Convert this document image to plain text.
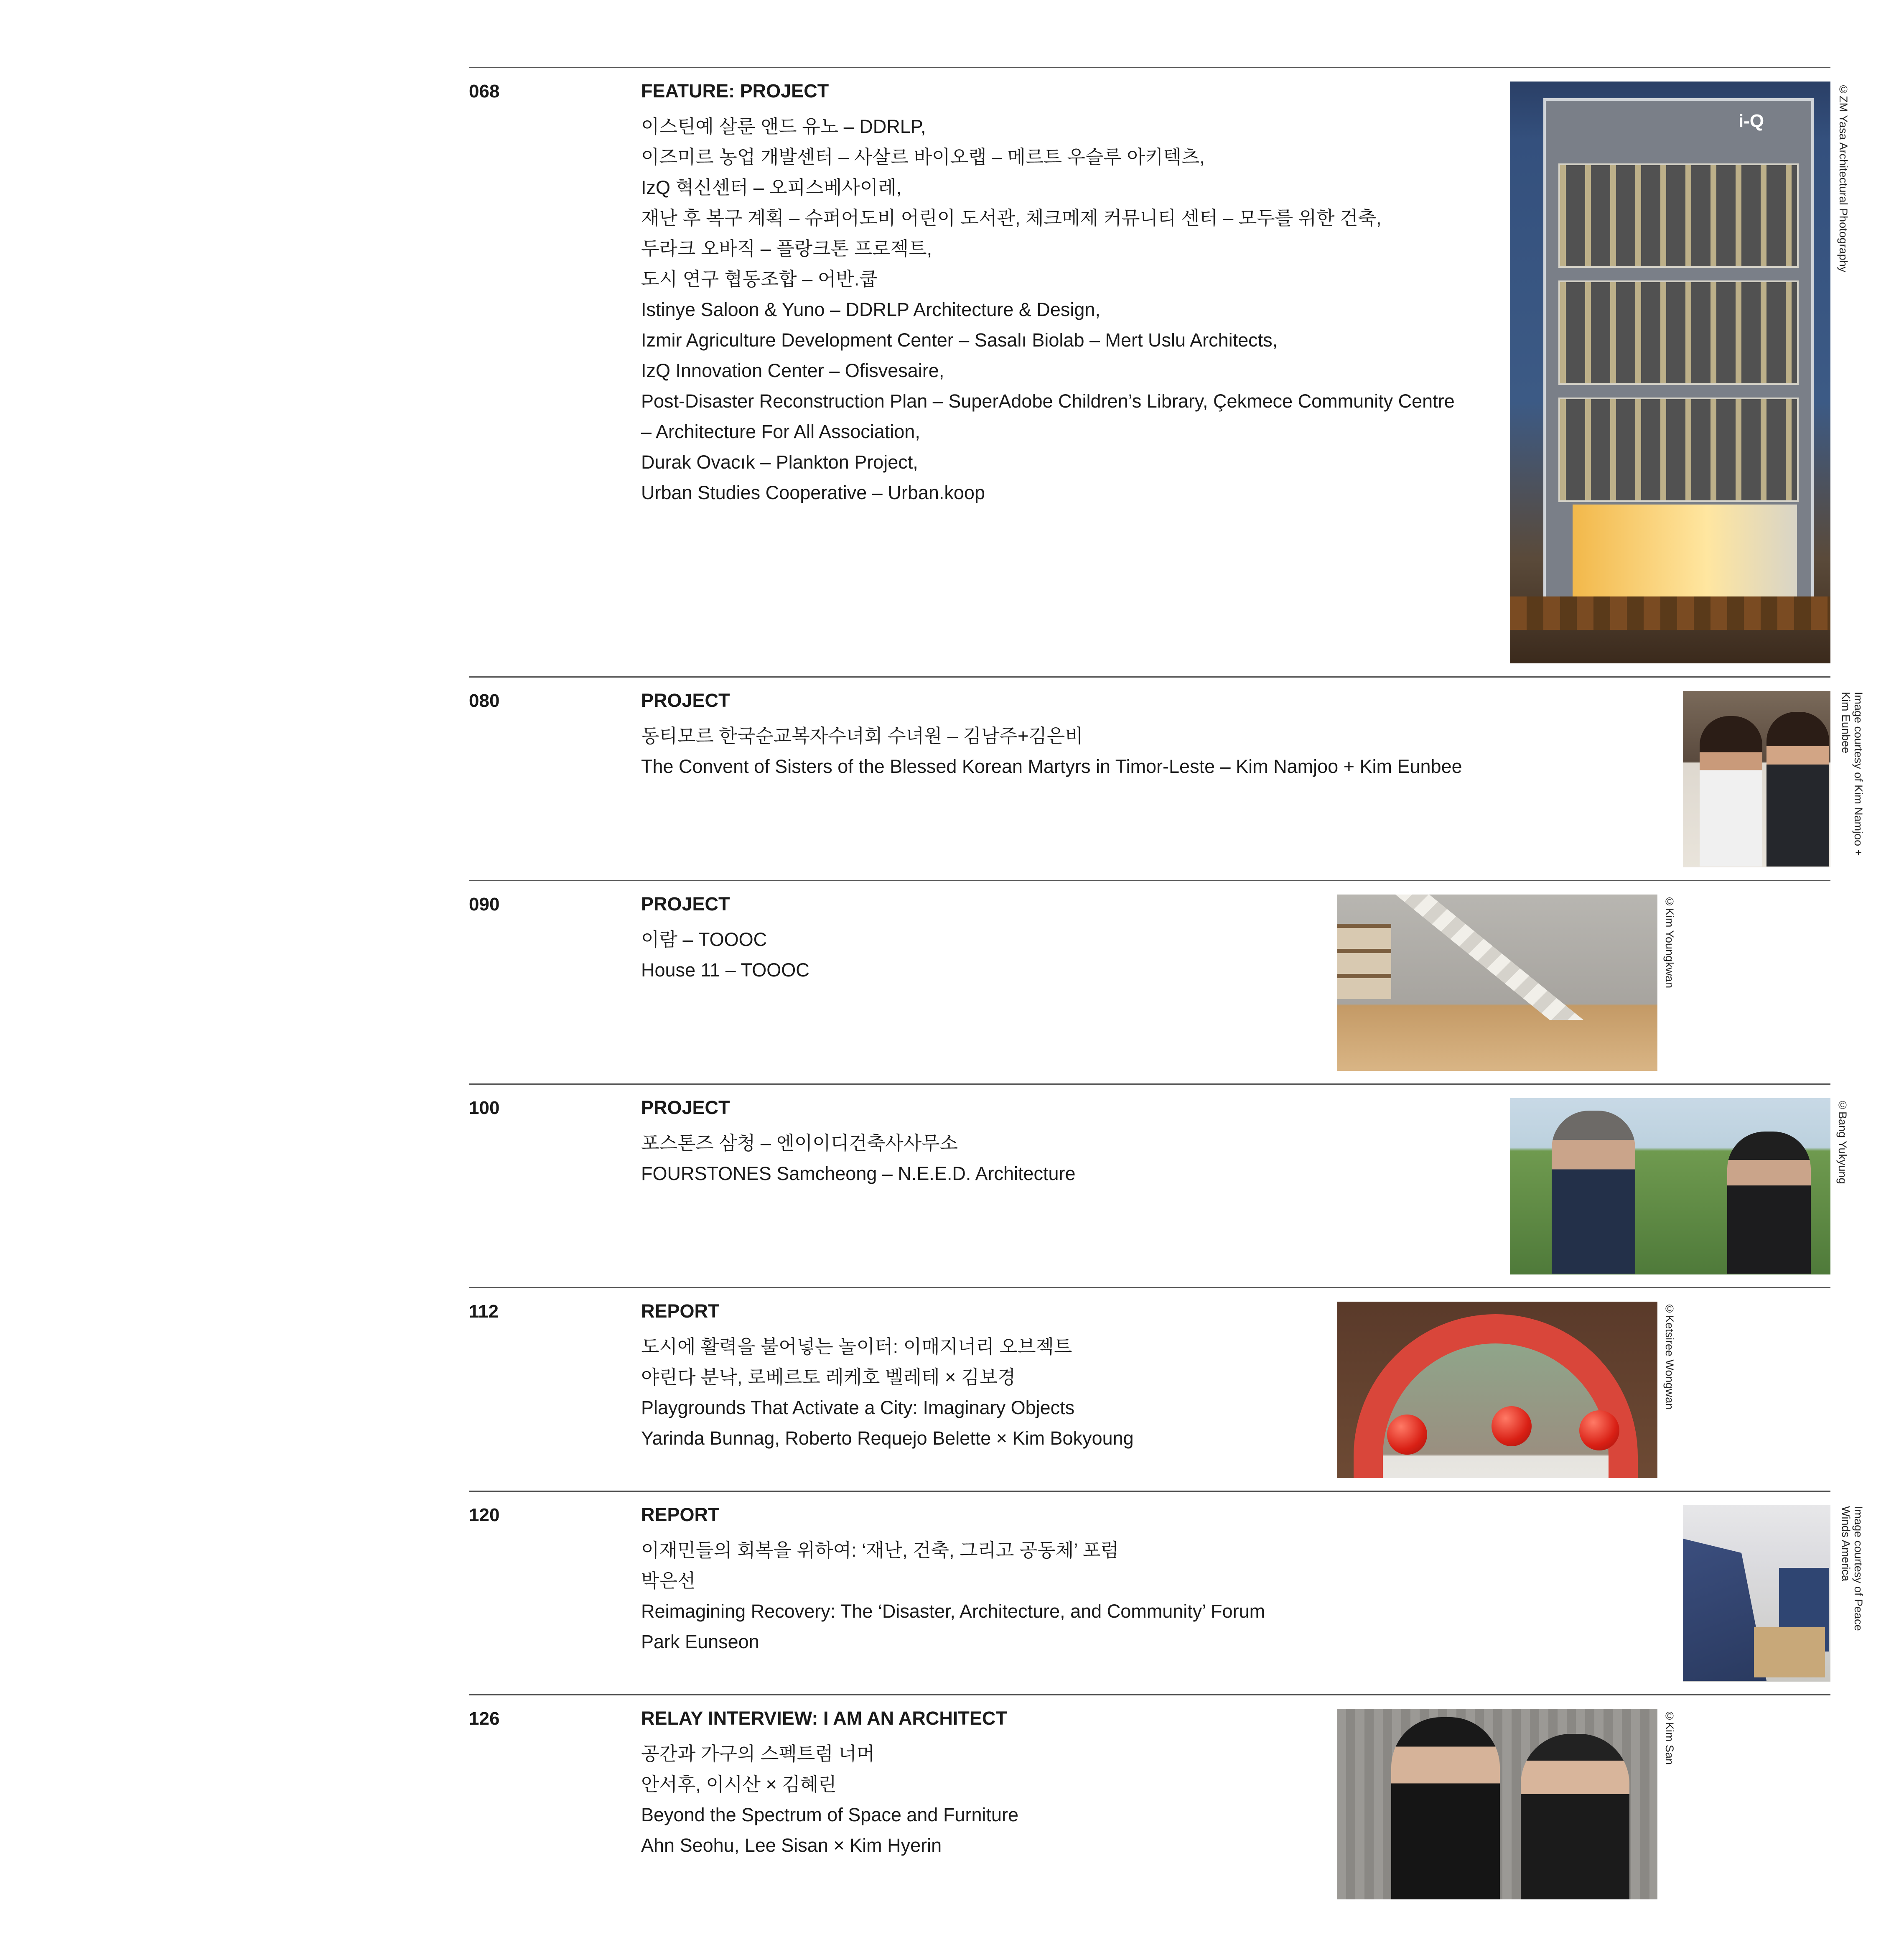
068	FEATURE: PROJECT
이스틴예 살룬 앤드 유노 – DDRLP,
이즈미르 농업 개발센터 – 사살르 바이오랩 – 메르트 우슬루 아키텍츠,
IzQ 혁신센터 – 오피스베사이레,
재난 후 복구 계획 – 슈퍼어도비 어린이 도서관, 체크메제 커뮤니티 센터 – 모두를 위한 건축,
두라크 오바직 – 플랑크톤 프로젝트,
도시 연구 협동조합 – 어반.쿱
Istinye Saloon & Yuno – DDRLP Architecture & Design,
Izmir Agriculture Development Center – Sasalı Biolab – Mert Uslu Architects,
IzQ Innovation Center – Ofisvesaire,
Post-Disaster Reconstruction Plan – SuperAdobe Children’s Library, Çekmece Community Centre
– Architecture For All Association,
Durak Ovacık – Plankton Project,
Urban Studies Cooperative – Urban.koop
i-Q	©ZM Yasa Architectural Photography
080	PROJECT
동티모르 한국순교복자수녀회 수녀원 – 김남주+김은비
The Convent of Sisters of the Blessed Korean Martyrs in Timor-Leste – Kim Namjoo + Kim Eunbee	Image courtesy of Kim Namjoo + Kim Eunbee
090	PROJECT
이람 – TOOOC
House 11 – TOOOC	©Kim Youngkwan
100	PROJECT
포스톤즈 삼청 – 엔이이디건축사사무소
FOURSTONES Samcheong – N.E.E.D. Architecture	©Bang Yukyung
112	REPORT
도시에 활력을 불어넣는 놀이터: 이매지너리 오브젝트
야린다 분낙, 로베르토 레케호 벨레테 × 김보경
Playgrounds That Activate a City: Imaginary Objects
Yarinda Bunnag, Roberto Requejo Belette × Kim Bokyoung
©Ketsiree Wongwan
120	REPORT
이재민들의 회복을 위하여: ‘재난, 건축, 그리고 공동체’ 포럼
박은선
Reimagining Recovery: The ‘Disaster, Architecture, and Community’ Forum
Park Eunseon
Image courtesy of Peace Winds America
126	RELAY INTERVIEW: I AM AN ARCHITECT
공간과 가구의 스펙트럼 너머
안서후, 이시산 × 김혜린
Beyond the Spectrum of Space and Furniture
Ahn Seohu, Lee Sisan × Kim Hyerin
©Kim San
